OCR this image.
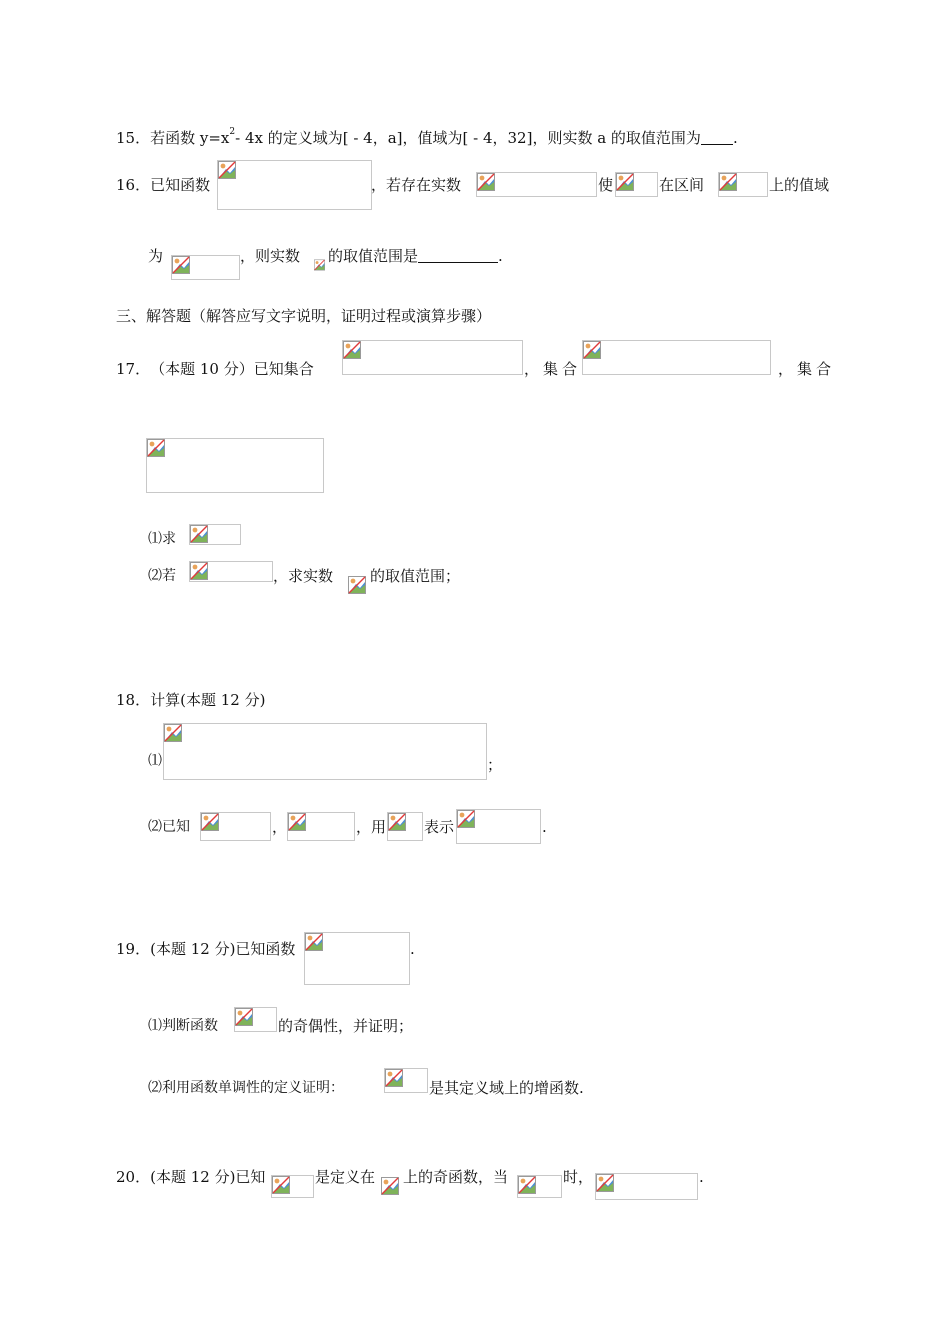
15． 若函数 $y=x^2 - 4x$ 的定义域为[ - 4，a]，值域为[ - 4，32]，则实数 a 的取值范围为 .
16． 已知函数	，若存在实数	使	在区间	上的值域
为	，则实数 的取值范围是	.
三、解答题（解答应写文字说明，证明过程或演算步骤）
17． （本题 10 分）已知集合	，集合	，集合
⑴求
⑵若	，求实数 的取值范围；
18． 计算(本题 12 分)
⑴	；
⑵已知	，	，用	表示	.
19． (本题 12 分)已知函数	.
⑴判断函数	的奇偶性，并证明；
⑵利用函数单调性的定义证明：	是其定义域上的增函数.
20． (本题 12 分)已知	是定义在 上的奇函数，当	时，	.
